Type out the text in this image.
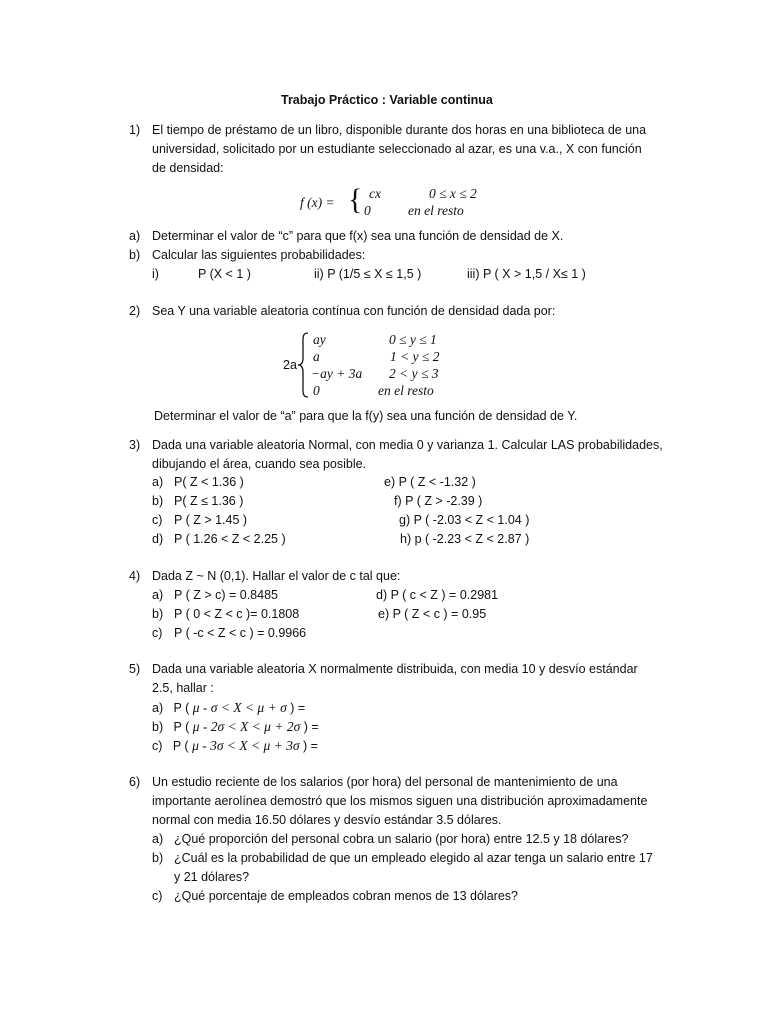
Trabajo Práctico : Variable continua
1) El tiempo de préstamo de un libro, disponible durante dos horas en una biblioteca de una
universidad, solicitado por un estudiante seleccionado al azar, es una v.a., X con función
de densidad:
f (x) = { cx	0 ≤ x ≤ 2
0	en el resto
a) Determinar el valor de “c” para que f(x) sea una función de densidad de X.
b) Calcular las siguientes probabilidades:
i)	P (X < 1 )	ii) P (1/5 ≤ X ≤ 1,5 )	iii) P ( X > 1,5 / X≤ 1 )
2) Sea Y una variable aleatoria contínua con función de densidad dada por:
2a
ay	0 ≤ y ≤ 1
a	1 < y ≤ 2
−ay + 3a 2 < y ≤ 3
0	en el resto
Determinar el valor de “a” para que la f(y) sea una función de densidad de Y.
3) Dada una variable aleatoria Normal, con media 0 y varianza 1. Calcular LAS probabilidades,
dibujando el área, cuando sea posible.
a) P( Z < 1.36 )
b) P( Z ≤ 1.36 )
c) P ( Z > 1.45 )
d) P ( 1.26 < Z < 2.25 )
e) P ( Z < -1.32 )
f) P ( Z > -2.39 )
g) P ( -2.03 < Z < 1.04 )
h) p ( -2.23 < Z < 2.87 )
4) Dada Z ~ N (0,1). Hallar el valor de c tal que:
a) P ( Z > c) = 0.8485
b) P ( 0 < Z < c )= 0.1808
c) P ( -c < Z < c ) = 0.9966
d) P ( c < Z ) = 0.2981
e) P ( Z < c ) = 0.95
5) Dada una variable aleatoria X normalmente distribuida, con media 10 y desvío estándar
2.5, hallar :
a) P ( μ - σ < X < μ + σ ) =
b) P ( μ - 2σ < X < μ + 2σ ) =
c) P ( μ - 3σ < X < μ + 3σ ) =
6) Un estudio reciente de los salarios (por hora) del personal de mantenimiento de una
importante aerolínea demostró que los mismos siguen una distribución aproximadamente
normal con media 16.50 dólares y desvío estándar 3.5 dólares.
a) ¿Qué proporción del personal cobra un salario (por hora) entre 12.5 y 18 dólares?
b) ¿Cuál es la probabilidad de que un empleado elegido al azar tenga un salario entre 17
y 21 dólares?
c) ¿Qué porcentaje de empleados cobran menos de 13 dólares?
